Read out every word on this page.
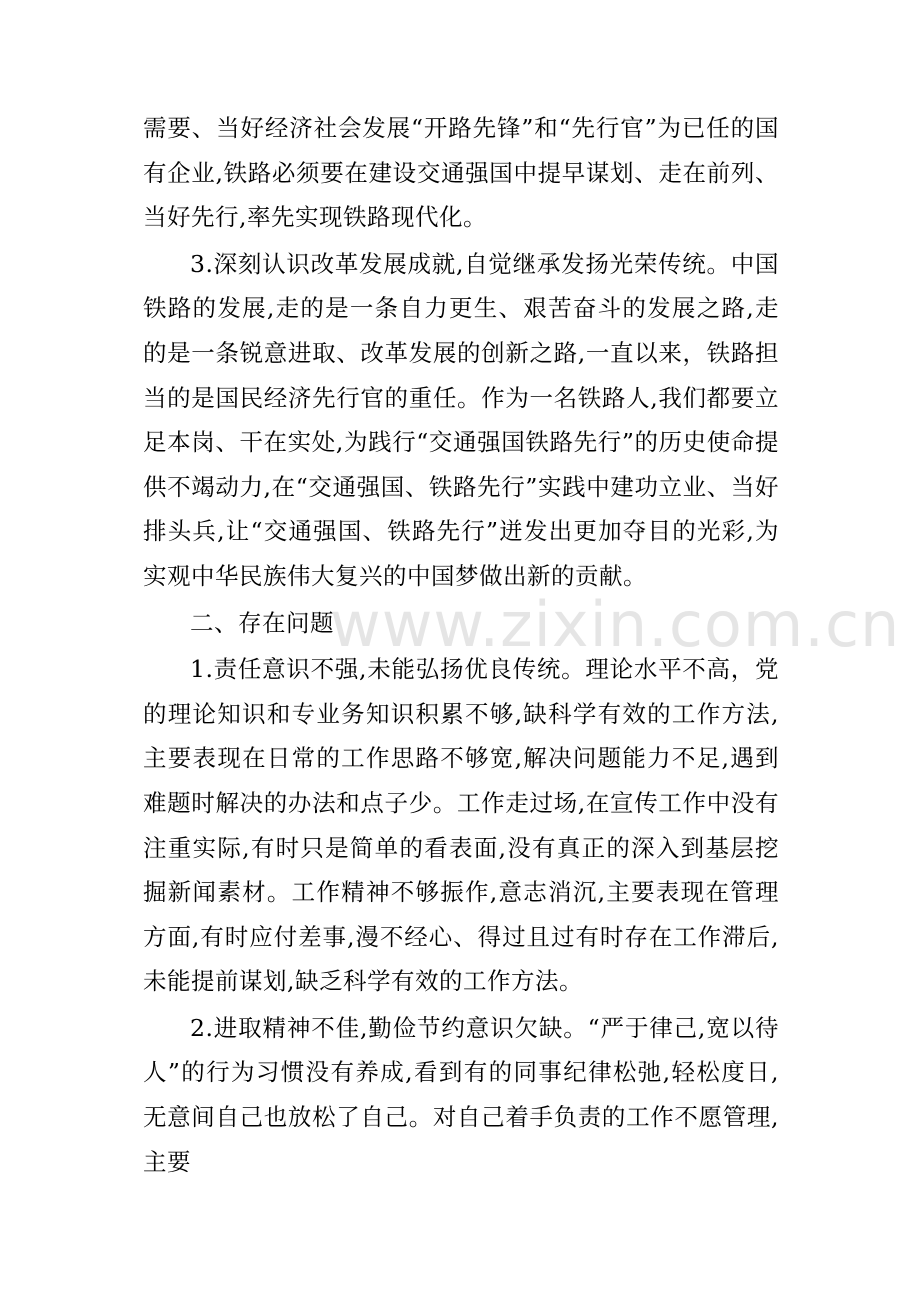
需要、当好经济社会发展“开路先锋”和“先行官”为已任的国有企业,铁路必须要在建设交通强国中提早谋划、走在前列、当好先行,率先实现铁路现代化。

3.深刻认识改革发展成就,自觉继承发扬光荣传统。中国铁路的发展,走的是一条自力更生、艰苦奋斗的发展之路,走的是一条锐意进取、改革发展的创新之路,一直以来，铁路担当的是国民经济先行官的重任。作为一名铁路人,我们都要立足本岗、干在实处,为践行“交通强国铁路先行”的历史使命提供不竭动力,在“交通强国、铁路先行”实践中建功立业、当好排头兵,让“交通强国、铁路先行”迸发出更加夺目的光彩,为实观中华民族伟大复兴的中国梦做出新的贡献。

二、存在问题

1.责任意识不强,未能弘扬优良传统。理论水平不高，党的理论知识和专业务知识积累不够,缺科学有效的工作方法,主要表现在日常的工作思路不够宽,解决问题能力不足,遇到难题时解决的办法和点子少。工作走过场,在宣传工作中没有注重实际,有时只是简单的看表面,没有真正的深入到基层挖掘新闻素材。工作精神不够振作,意志消沉,主要表现在管理方面,有时应付差事,漫不经心、得过且过有时存在工作滞后,未能提前谋划,缺乏科学有效的工作方法。

2.进取精神不佳,勤俭节约意识欠缺。“严于律己,宽以待人”的行为习惯没有养成,看到有的同事纪律松弛,轻松度日,无意间自己也放松了自己。对自己着手负责的工作不愿管理,主要

www.zixin.com.cn
